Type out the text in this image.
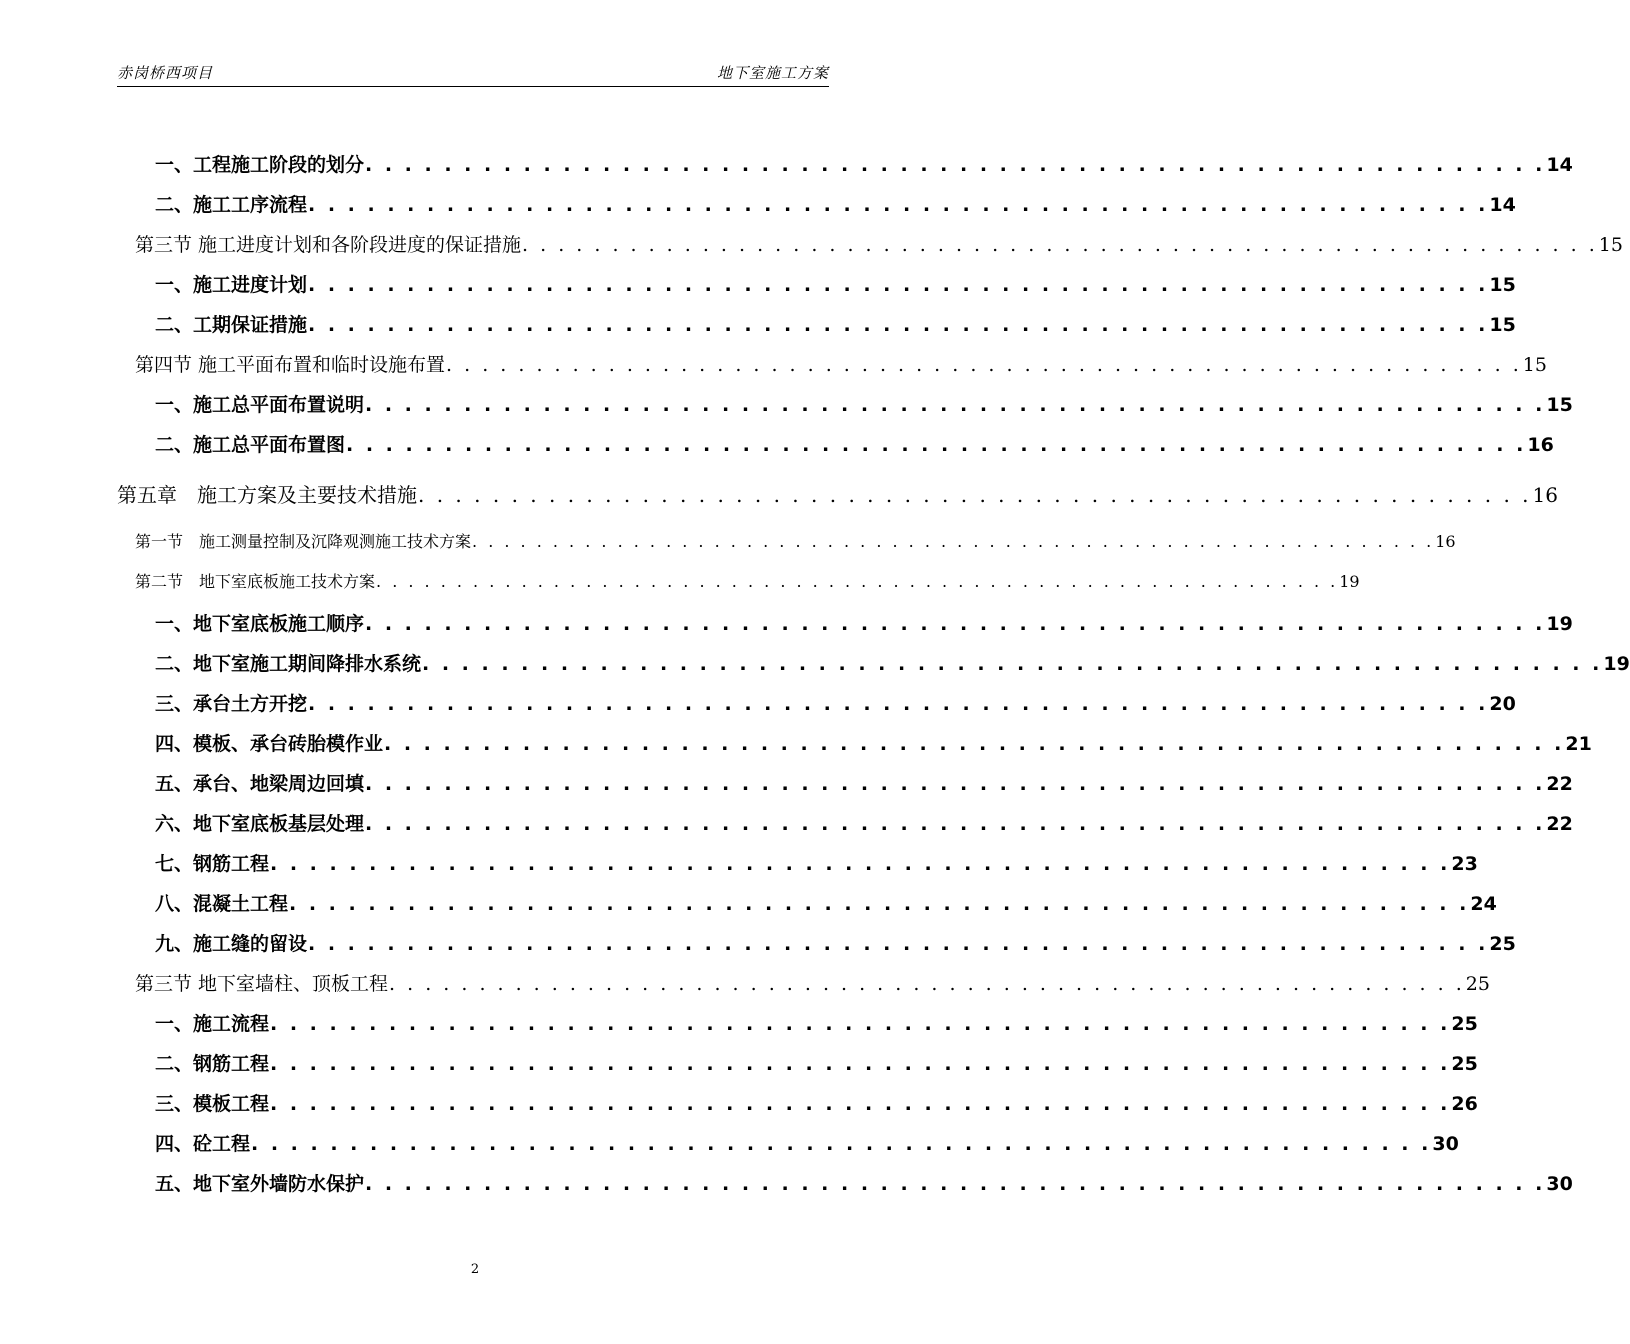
赤岗桥西项目	地下室施工方案
一、工程施工阶段的划分 . . . . . . . . . . . . . . . . . . . . . . . . . . . . . . . . . . . . . . . . . . . . . . . . . . . . . . . . . . . . 14
二、施工工序流程 . . . . . . . . . . . . . . . . . . . . . . . . . . . . . . . . . . . . . . . . . . . . . . . . . . . . . . . . . . . . 14
第三节 施工进度计划和各阶段进度的保证措施 . . . . . . . . . . . . . . . . . . . . . . . . . . . . . . . . . . . . . . . . . . . . . . . . . . . . . . . . . . . . 15
一、施工进度计划 . . . . . . . . . . . . . . . . . . . . . . . . . . . . . . . . . . . . . . . . . . . . . . . . . . . . . . . . . . . . 15
二、工期保证措施 . . . . . . . . . . . . . . . . . . . . . . . . . . . . . . . . . . . . . . . . . . . . . . . . . . . . . . . . . . . . 15
第四节 施工平面布置和临时设施布置 . . . . . . . . . . . . . . . . . . . . . . . . . . . . . . . . . . . . . . . . . . . . . . . . . . . . . . . . . . . . 15
一、施工总平面布置说明 . . . . . . . . . . . . . . . . . . . . . . . . . . . . . . . . . . . . . . . . . . . . . . . . . . . . . . . . . . . . 15
二、施工总平面布置图 . . . . . . . . . . . . . . . . . . . . . . . . . . . . . . . . . . . . . . . . . . . . . . . . . . . . . . . . . . . . 16
第五章　施工方案及主要技术措施 . . . . . . . . . . . . . . . . . . . . . . . . . . . . . . . . . . . . . . . . . . . . . . . . . . . . . . . . . . . . 16
第一节　施工测量控制及沉降观测施工技术方案 . . . . . . . . . . . . . . . . . . . . . . . . . . . . . . . . . . . . . . . . . . . . . . . . . . . . . . . . . . . . 16
第二节　地下室底板施工技术方案 . . . . . . . . . . . . . . . . . . . . . . . . . . . . . . . . . . . . . . . . . . . . . . . . . . . . . . . . . . . . 19
一、地下室底板施工顺序 . . . . . . . . . . . . . . . . . . . . . . . . . . . . . . . . . . . . . . . . . . . . . . . . . . . . . . . . . . . . 19
二、地下室施工期间降排水系统 . . . . . . . . . . . . . . . . . . . . . . . . . . . . . . . . . . . . . . . . . . . . . . . . . . . . . . . . . . . . 19
三、承台土方开挖 . . . . . . . . . . . . . . . . . . . . . . . . . . . . . . . . . . . . . . . . . . . . . . . . . . . . . . . . . . . . 20
四、模板、承台砖胎模作业 . . . . . . . . . . . . . . . . . . . . . . . . . . . . . . . . . . . . . . . . . . . . . . . . . . . . . . . . . . . . 21
五、承台、地梁周边回填 . . . . . . . . . . . . . . . . . . . . . . . . . . . . . . . . . . . . . . . . . . . . . . . . . . . . . . . . . . . . 22
六、地下室底板基层处理 . . . . . . . . . . . . . . . . . . . . . . . . . . . . . . . . . . . . . . . . . . . . . . . . . . . . . . . . . . . . 22
七、钢筋工程 . . . . . . . . . . . . . . . . . . . . . . . . . . . . . . . . . . . . . . . . . . . . . . . . . . . . . . . . . . . . 23
八、混凝土工程 . . . . . . . . . . . . . . . . . . . . . . . . . . . . . . . . . . . . . . . . . . . . . . . . . . . . . . . . . . . . 24
九、施工缝的留设 . . . . . . . . . . . . . . . . . . . . . . . . . . . . . . . . . . . . . . . . . . . . . . . . . . . . . . . . . . . . 25
第三节 地下室墙柱、顶板工程 . . . . . . . . . . . . . . . . . . . . . . . . . . . . . . . . . . . . . . . . . . . . . . . . . . . . . . . . . . . . 25
一、施工流程 . . . . . . . . . . . . . . . . . . . . . . . . . . . . . . . . . . . . . . . . . . . . . . . . . . . . . . . . . . . . 25
二、钢筋工程 . . . . . . . . . . . . . . . . . . . . . . . . . . . . . . . . . . . . . . . . . . . . . . . . . . . . . . . . . . . . 25
三、模板工程 . . . . . . . . . . . . . . . . . . . . . . . . . . . . . . . . . . . . . . . . . . . . . . . . . . . . . . . . . . . . 26
四、砼工程 . . . . . . . . . . . . . . . . . . . . . . . . . . . . . . . . . . . . . . . . . . . . . . . . . . . . . . . . . . . . 30
五、地下室外墙防水保护 . . . . . . . . . . . . . . . . . . . . . . . . . . . . . . . . . . . . . . . . . . . . . . . . . . . . . . . . . . . . 30
2
